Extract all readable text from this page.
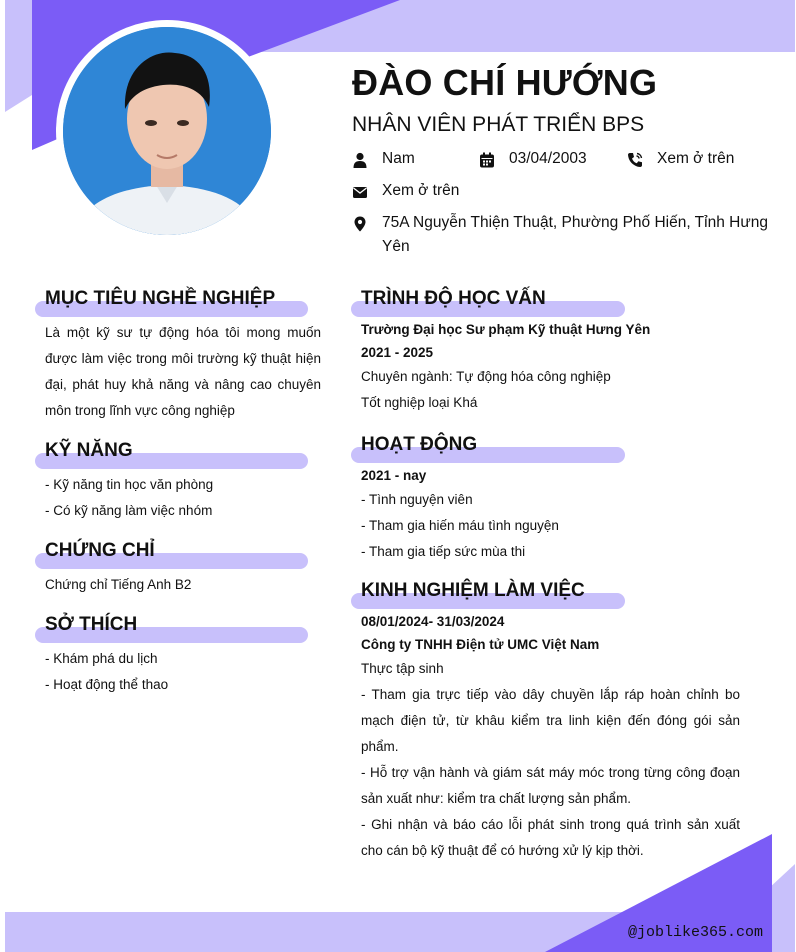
ĐÀO CHÍ HƯỚNG
NHÂN VIÊN PHÁT TRIỂN BPS
Nam	03/04/2003	Xem ở trên
Xem ở trên
75A Nguyễn Thiện Thuật, Phường Phố Hiến, Tỉnh Hưng Yên
MỤC TIÊU NGHỀ NGHIỆP
Là một kỹ sư tự động hóa tôi mong muốn được làm việc trong môi trường kỹ thuật hiện đại, phát huy khả năng và nâng cao chuyên môn trong lĩnh vực công nghiệp
KỸ NĂNG
- Kỹ năng tin học văn phòng
- Có kỹ năng làm việc nhóm
CHỨNG CHỈ
Chứng chỉ Tiếng Anh B2
SỞ THÍCH
- Khám phá du lịch
- Hoạt động thể thao
TRÌNH ĐỘ HỌC VẤN
Trường Đại học Sư phạm Kỹ thuật Hưng Yên
2021 - 2025
Chuyên ngành: Tự động hóa công nghiệp
Tốt nghiệp loại Khá
HOẠT ĐỘNG
2021 - nay
- Tình nguyện viên
- Tham gia hiến máu tình nguyện
- Tham gia tiếp sức mùa thi
KINH NGHIỆM LÀM VIỆC
08/01/2024- 31/03/2024
Công ty TNHH Điện tử UMC Việt Nam
Thực tập sinh
- Tham gia trực tiếp vào dây chuyền lắp ráp hoàn chỉnh bo mạch điện tử, từ khâu kiểm tra linh kiện đến đóng gói sản phẩm.
- Hỗ trợ vận hành và giám sát máy móc trong từng công đoạn sản xuất như: kiểm tra chất lượng sản phẩm.
- Ghi nhận và báo cáo lỗi phát sinh trong quá trình sản xuất cho cán bộ kỹ thuật để có hướng xử lý kịp thời.
@joblike365.com
